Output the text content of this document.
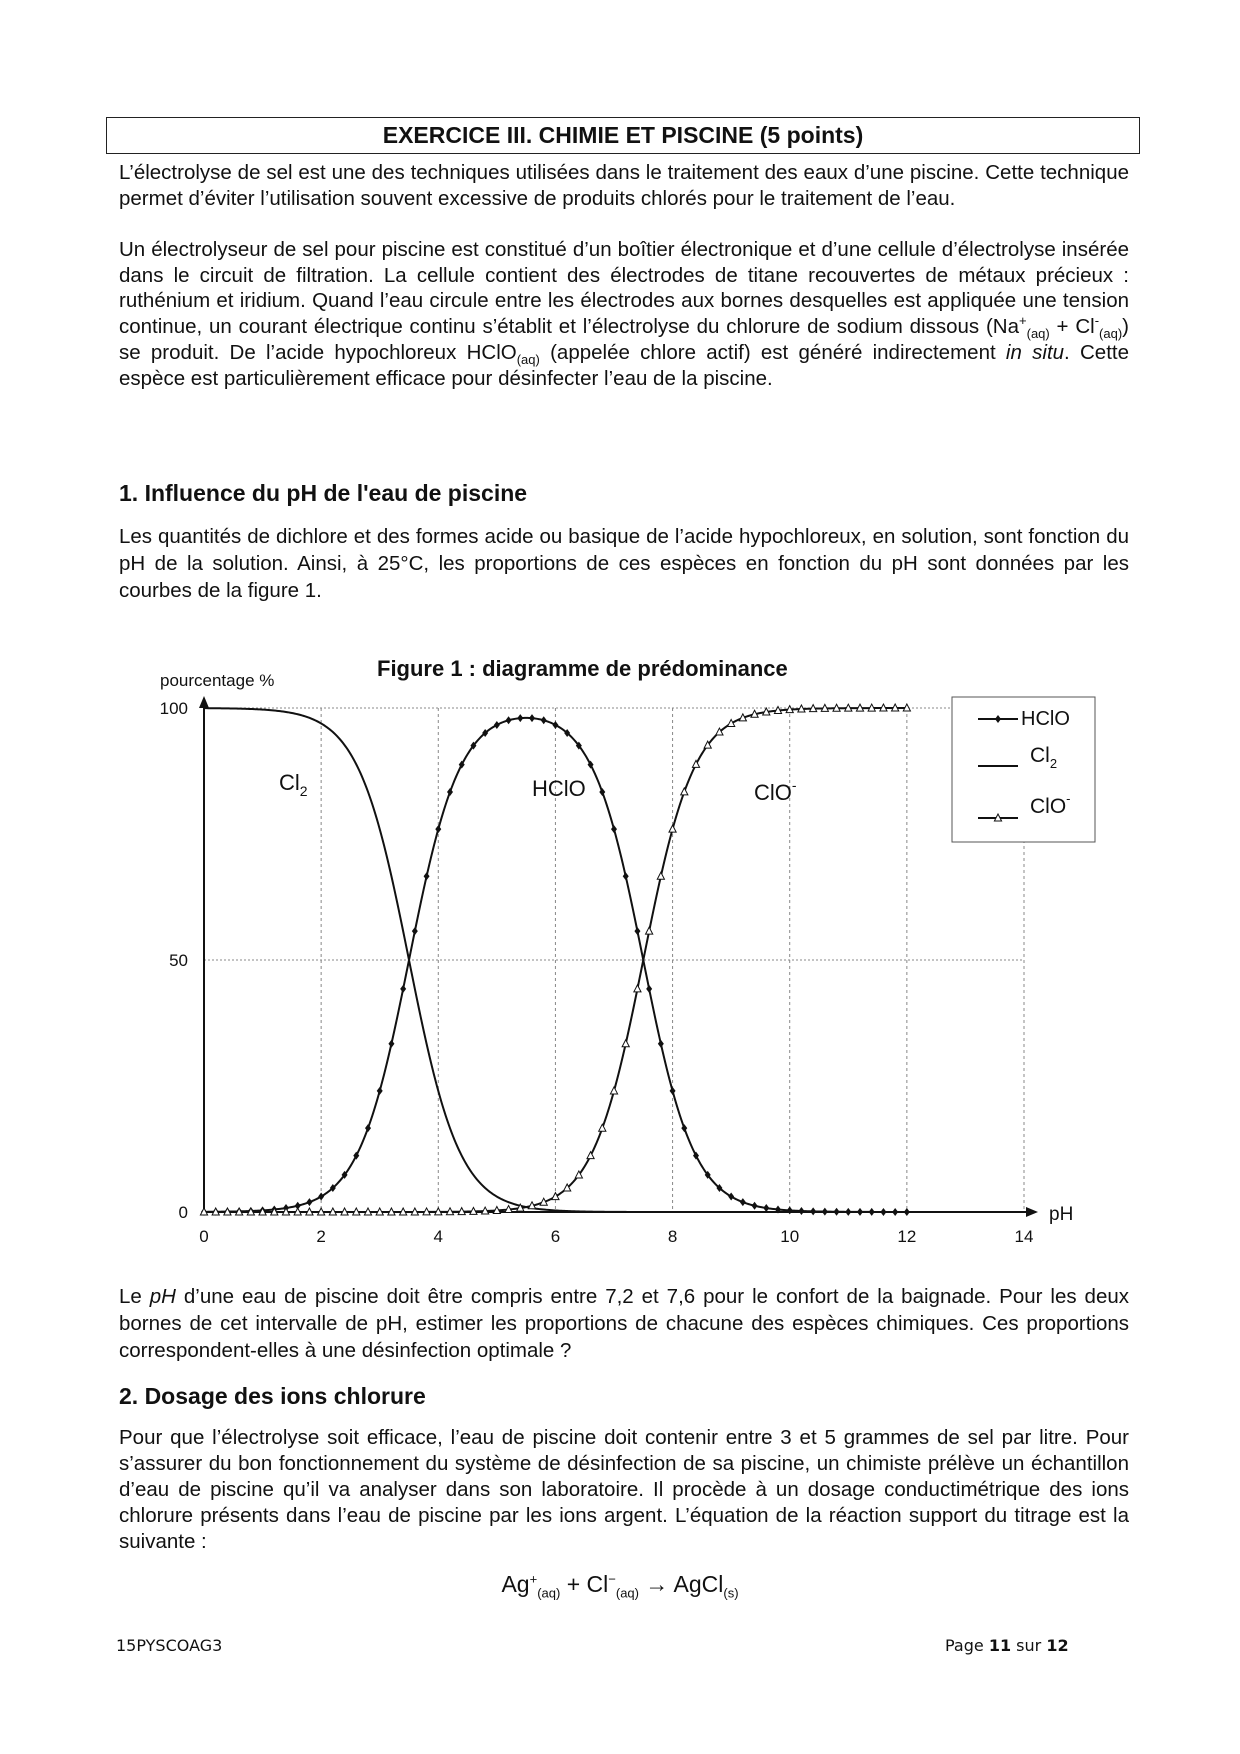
EXERCICE III. CHIMIE ET PISCINE (5 points)

L’électrolyse de sel est une des techniques utilisées dans le traitement des eaux d’une piscine. Cette technique permet d’éviter l’utilisation souvent excessive de produits chlorés pour le traitement de l’eau.

Un électrolyseur de sel pour piscine est constitué d’un boîtier électronique et d’une cellule d’électrolyse insérée dans le circuit de filtration. La cellule contient des électrodes de titane recouvertes de métaux précieux : ruthénium et iridium. Quand l’eau circule entre les électrodes aux bornes desquelles est appliquée une tension continue, un courant électrique continu s’établit et l’électrolyse du chlorure de sodium dissous $(Na^+_{(aq)} + Cl^-_{(aq)})$ se produit. De l’acide hypochloreux HClO$_{(aq)}$ (appelée chlore actif) est généré indirectement in situ. Cette espèce est particulièrement efficace pour désinfecter l’eau de la piscine.

1. Influence du pH de l'eau de piscine

Les quantités de dichlore et des formes acide ou basique de l’acide hypochloreux, en solution, sont fonction du pH de la solution. Ainsi, à 25°C, les proportions de ces espèces en fonction du pH sont données par les courbes de la figure 1.

0	2	4	6	8	10	12	14
0
50
100
pourcentage %
pH
Figure 1 : diagramme de prédominance
$Cl_2$	HClO	ClO-
HClO
$Cl_2$
ClO-

Le pH d’une eau de piscine doit être compris entre 7,2 et 7,6 pour le confort de la baignade. Pour les deux bornes de cet intervalle de pH, estimer les proportions de chacune des espèces chimiques. Ces proportions correspondent-elles à une désinfection optimale ?

2. Dosage des ions chlorure

Pour que l’électrolyse soit efficace, l’eau de piscine doit contenir entre 3 et 5 grammes de sel par litre. Pour s’assurer du bon fonctionnement du système de désinfection de sa piscine, un chimiste prélève un échantillon d’eau de piscine qu’il va analyser dans son laboratoire. Il procède à un dosage conductimétrique des ions chlorure présents dans l’eau de piscine par les ions argent. L’équation de la réaction support du titrage est la suivante :

$Ag^+_{(aq)} + Cl^-_{(aq)}$ → AgCl$_{(s)}$
15PYSCOAG3	Page 11 sur 12
